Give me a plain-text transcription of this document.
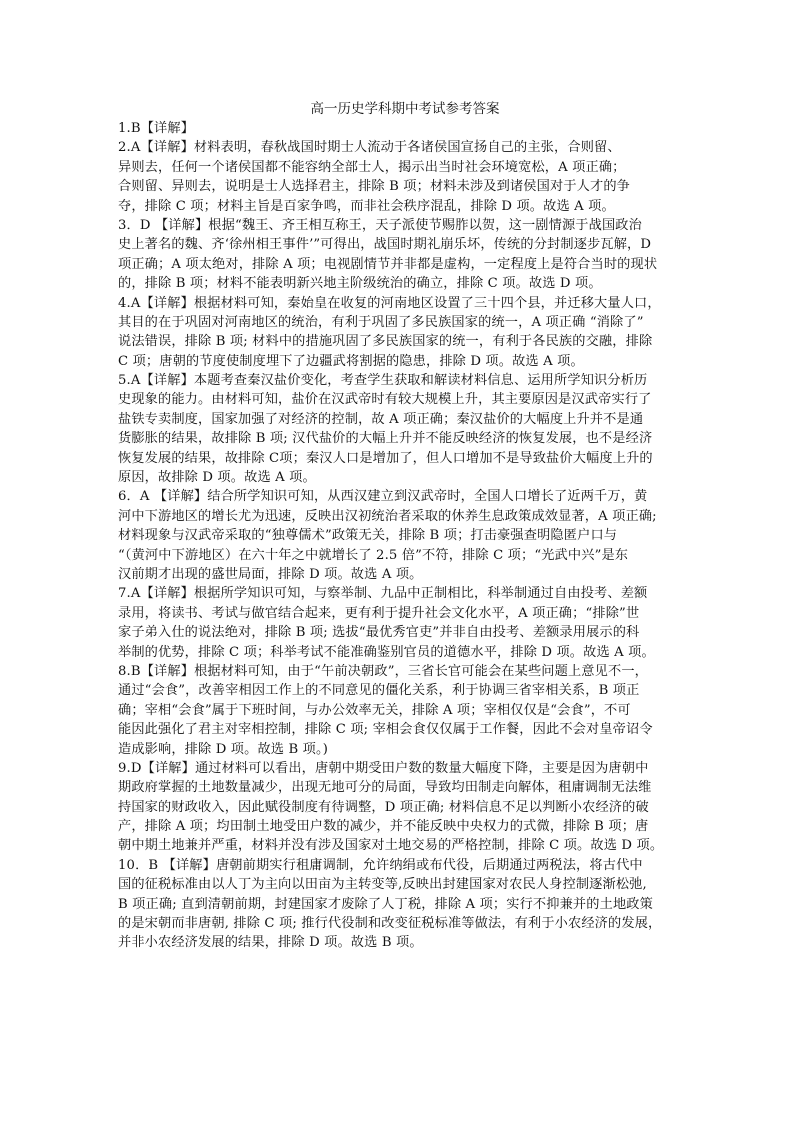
高一历史学科期中考试参考答案
1.B【详解】
2.A【详解】材料表明，春秋战国时期士人流动于各诸侯国宣扬自己的主张，合则留、
异则去，任何一个诸侯国都不能容纳全部士人，揭示出当时社会环境宽松，A 项正确；
合则留、异则去，说明是士人选择君主，排除 B 项；材料未涉及到诸侯国对于人才的争
夺，排除 C 项；材料主旨是百家争鸣，而非社会秩序混乱，排除 D 项。故选 A 项。
3．D 【详解】根据“魏王、齐王相互称王，天子派使节赐胙以贺，这一剧情源于战国政治
史上著名的魏、齐‘徐州相王事件’”可得出，战国时期礼崩乐坏，传统的分封制逐步瓦解，D
项正确；A 项太绝对，排除 A 项；电视剧情节并非都是虚构，一定程度上是符合当时的现状
的，排除 B 项；材料不能表明新兴地主阶级统治的确立，排除 C 项。故选 D 项。
4.A【详解】根据材料可知，秦始皇在收复的河南地区设置了三十四个县，并迁移大量人口，
其目的在于巩固对河南地区的统治，有利于巩固了多民族国家的统一，A 项正确 “消除了”
说法错误，排除 B 项; 材料中的措施巩固了多民族国家的统一，有利于各民族的交融，排除
C 项；唐朝的节度使制度埋下了边疆武将割据的隐患，排除 D 项。故选 A 项。
5.A【详解】本题考查秦汉盐价变化，考查学生获取和解读材料信息、运用所学知识分析历
史现象的能力。由材料可知，盐价在汉武帝时有较大规模上升，其主要原因是汉武帝实行了
盐铁专卖制度，国家加强了对经济的控制，故 A 项正确；秦汉盐价的大幅度上升并不是通
货膨胀的结果，故排除 B 项; 汉代盐价的大幅上升并不能反映经济的恢复发展，也不是经济
恢复发展的结果，故排除 C项；秦汉人口是增加了，但人口增加不是导致盐价大幅度上升的
原因，故排除 D 项。故选 A 项。
6．A 【详解】结合所学知识可知，从西汉建立到汉武帝时，全国人口增长了近两千万，黄
河中下游地区的增长尤为迅速，反映出汉初统治者采取的休养生息政策成效显著，A 项正确;
材料现象与汉武帝采取的“独尊儒术”政策无关，排除 B 项；打击豪强查明隐匿户口与
“（黄河中下游地区）在六十年之中就增长了 2.5 倍”不符，排除 C 项；“光武中兴”是东
汉前期才出现的盛世局面，排除 D 项。故选 A 项。
7.A【详解】根据所学知识可知，与察举制、九品中正制相比，科举制通过自由投考、差额
录用，将读书、考试与做官结合起来，更有利于提升社会文化水平，A 项正确；“排除”世
家子弟入仕的说法绝对，排除 B 项; 选拔“最优秀官吏”并非自由投考、差额录用展示的科
举制的优势，排除 C 项；科举考试不能准确鉴别官员的道德水平，排除 D 项。故选 A 项。
8.B【详解】根据材料可知，由于“午前决朝政”，三省长官可能会在某些问题上意见不一，
通过“会食”，改善宰相因工作上的不同意见的僵化关系，利于协调三省宰相关系，B 项正
确；宰相“会食”属于下班时间，与办公效率无关，排除 A 项；宰相仅仅是“会食”，不可
能因此强化了君主对宰相控制，排除 C 项; 宰相会食仅仅属于工作餐，因此不会对皇帝诏令
造成影响，排除 D 项。故选 B 项。)
9.D【详解】通过材料可以看出，唐朝中期受田户数的数量大幅度下降，主要是因为唐朝中
期政府掌握的土地数量减少，出现无地可分的局面，导致均田制走向解体，租庸调制无法维
持国家的财政收入，因此赋役制度有待调整，D 项正确; 材料信息不足以判断小农经济的破
产，排除 A 项；均田制土地受田户数的减少，并不能反映中央权力的式微，排除 B 项；唐
朝中期土地兼并严重，材料并没有涉及国家对土地交易的严格控制，排除 C 项。故选 D 项。
10．B 【详解】唐朝前期实行租庸调制，允许纳绢或布代役，后期通过两税法，将古代中
国的征税标准由以人丁为主向以田亩为主转变等,反映出封建国家对农民人身控制逐渐松弛,
B 项正确; 直到清朝前期，封建国家才废除了人丁税，排除 A 项；实行不抑兼并的土地政策
的是宋朝而非唐朝, 排除 C 项; 推行代役制和改变征税标准等做法，有利于小农经济的发展，
并非小农经济发展的结果，排除 D 项。故选 B 项。
